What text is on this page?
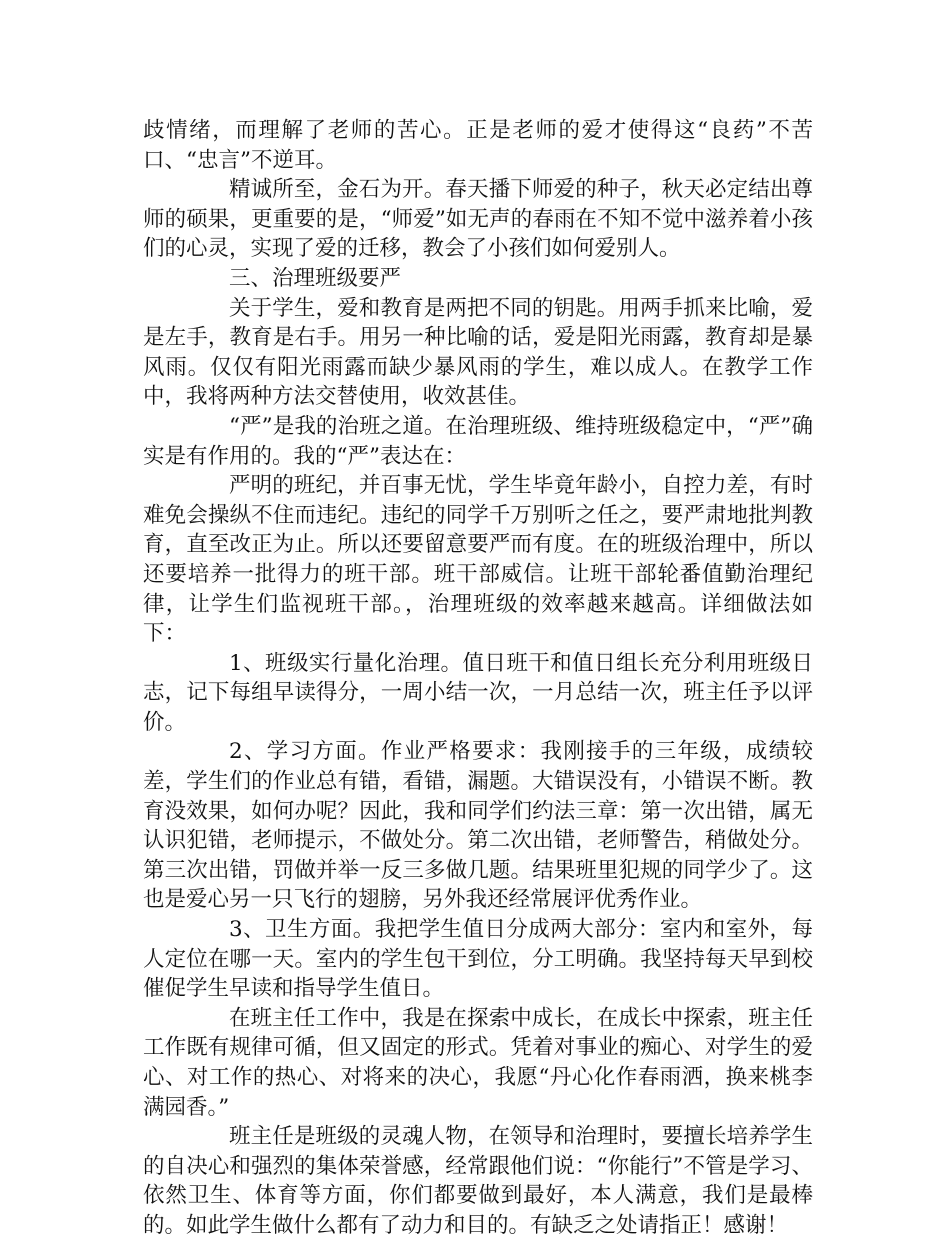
歧情绪，而理解了老师的苦心。正是老师的爱才使得这“良药”不苦口、“忠言”不逆耳。

精诚所至，金石为开。春天播下师爱的种子，秋天必定结出尊师的硕果，更重要的是，“师爱”如无声的春雨在不知不觉中滋养着小孩们的心灵，实现了爱的迁移，教会了小孩们如何爱别人。

三、治理班级要严

关于学生，爱和教育是两把不同的钥匙。用两手抓来比喻，爱是左手，教育是右手。用另一种比喻的话，爱是阳光雨露，教育却是暴风雨。仅仅有阳光雨露而缺少暴风雨的学生，难以成人。在教学工作中，我将两种方法交替使用，收效甚佳。

“严”是我的治班之道。在治理班级、维持班级稳定中，“严”确实是有作用的。我的“严”表达在：

严明的班纪，并百事无忧，学生毕竟年龄小，自控力差，有时难免会操纵不住而违纪。违纪的同学千万别听之任之，要严肃地批判教育，直至改正为止。所以还要留意要严而有度。在的班级治理中，所以还要培养一批得力的班干部。班干部威信。让班干部轮番值勤治理纪律，让学生们监视班干部。，治理班级的效率越来越高。详细做法如下：

1、班级实行量化治理。值日班干和值日组长充分利用班级日志，记下每组早读得分，一周小结一次，一月总结一次，班主任予以评价。

2、学习方面。作业严格要求：我刚接手的三年级，成绩较差，学生们的作业总有错，看错，漏题。大错误没有，小错误不断。教育没效果，如何办呢？因此，我和同学们约法三章：第一次出错，属无认识犯错，老师提示，不做处分。第二次出错，老师警告，稍做处分。第三次出错，罚做并举一反三多做几题。结果班里犯规的同学少了。这也是爱心另一只飞行的翅膀，另外我还经常展评优秀作业。

3、卫生方面。我把学生值日分成两大部分：室内和室外，每人定位在哪一天。室内的学生包干到位，分工明确。我坚持每天早到校催促学生早读和指导学生值日。

在班主任工作中，我是在探索中成长，在成长中探索，班主任工作既有规律可循，但又固定的形式。凭着对事业的痴心、对学生的爱心、对工作的热心、对将来的决心，我愿“丹心化作春雨洒，换来桃李满园香。”

班主任是班级的灵魂人物，在领导和治理时，要擅长培养学生的自决心和强烈的集体荣誉感，经常跟他们说：“你能行”不管是学习、依然卫生、体育等方面，你们都要做到最好，本人满意，我们是最棒的。如此学生做什么都有了动力和目的。有缺乏之处请指正！感谢！
